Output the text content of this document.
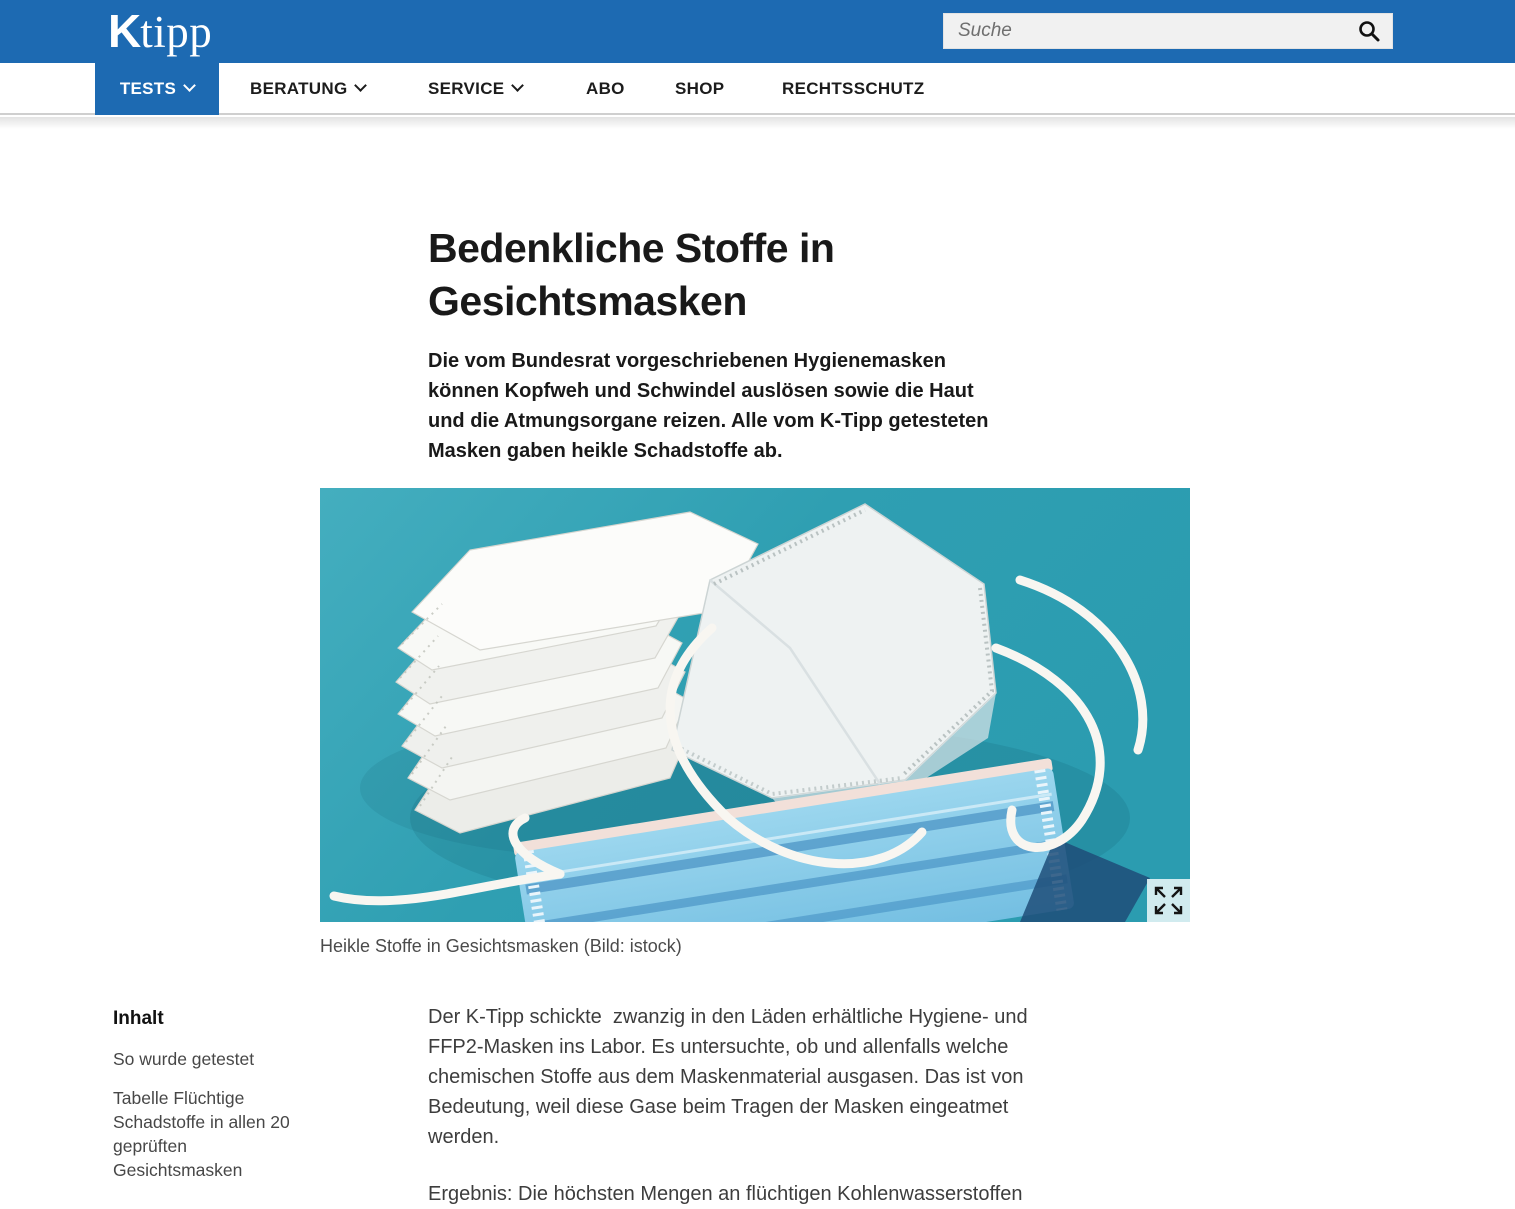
Ktipp
Suche
TESTS	BERATUNG	SERVICE	ABO	SHOP	RECHTSSCHUTZ
Bedenkliche Stoffe in Gesichtsmasken

Die vom Bundesrat vorgeschriebenen Hygienemasken können Kopfweh und Schwindel auslösen sowie die Haut und die Atmungsorgane reizen. Alle vom K-Tipp getesteten Masken gaben heikle Schadstoffe ab.

Heikle Stoffe in Gesichtsmasken (Bild: istock)
Inhalt
So wurde getestet
Tabelle Flüchtige Schadstoffe in allen 20 geprüften Gesichtsmasken

Der K-Tipp schickte  zwanzig in den Läden erhältliche Hygiene- und FFP2-Masken ins Labor. Es untersuchte, ob und allenfalls welche chemischen Stoffe aus dem Maskenmaterial ausgasen. Das ist von Bedeutung, weil diese Gase beim Tragen der Masken eingeatmet werden.

Ergebnis: Die höchsten Mengen an flüchtigen Kohlenwasserstoffen
